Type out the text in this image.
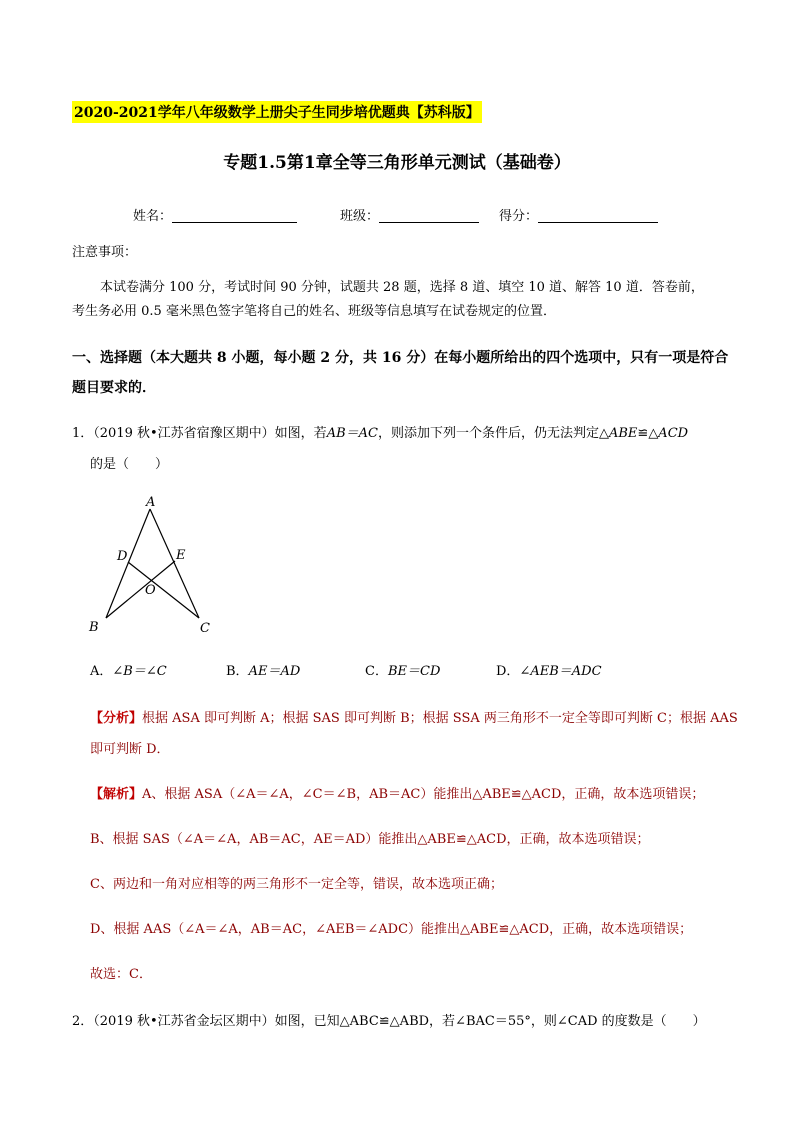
2020-2021学年八年级数学上册尖子生同步培优题典【苏科版】
专题1.5第1章全等三角形单元测试（基础卷）
姓名：	班级：	得分：
注意事项：
本试卷满分 100 分，考试时间 90 分钟，试题共 28 题，选择 8 道、填空 10 道、解答 10 道．答卷前，
考生务必用 0.5 毫米黑色签字笔将自己的姓名、班级等信息填写在试卷规定的位置．
一、选择题（本大题共 8 小题，每小题 2 分，共 16 分）在每小题所给出的四个选项中，只有一项是符合题目要求的．
1．（2019 秋•江苏省宿豫区期中）如图，若AB＝AC，则添加下列一个条件后，仍无法判定△ABE≌△ACD
的是（　　）
A
B	C
D	E
O
A．∠B＝∠C	B．AE＝AD	C．BE＝CD	D．∠AEB＝ADC
【分析】根据 ASA 即可判断 A；根据 SAS 即可判断 B；根据 SSA 两三角形不一定全等即可判断 C；根据 AAS
即可判断 D．
【解析】A、根据 ASA（∠A＝∠A，∠C＝∠B，AB＝AC）能推出△ABE≌△ACD，正确，故本选项错误；
B、根据 SAS（∠A＝∠A，AB＝AC，AE＝AD）能推出△ABE≌△ACD，正确，故本选项错误；
C、两边和一角对应相等的两三角形不一定全等，错误，故本选项正确；
D、根据 AAS（∠A＝∠A，AB＝AC，∠AEB＝∠ADC）能推出△ABE≌△ACD，正确，故本选项错误；
故选：C．
2．（2019 秋•江苏省金坛区期中）如图，已知△ABC≌△ABD，若∠BAC＝55°，则∠CAD 的度数是（　　）
